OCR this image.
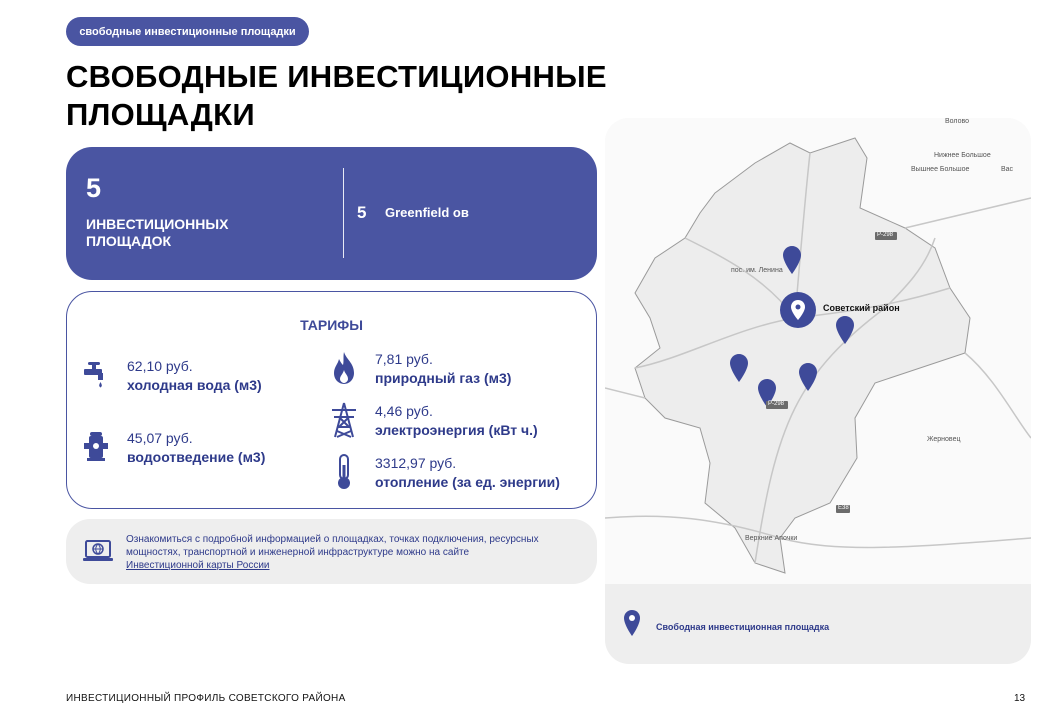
свободные инвестиционные площадки
СВОБОДНЫЕ ИНВЕСТИЦИОННЫЕ
ПЛОЩАДКИ
5
ИНВЕСТИЦИОННЫХ ПЛОЩАДОК
5 Greenfield ов
ТАРИФЫ
62,10 руб.
холодная вода (м3)
45,07 руб.
водоотведение (м3)
7,81 руб.
природный газ (м3)
4,46 руб.
электроэнергия (кВт ч.)
3312,97 руб.
отопление (за ед. энергии)
Ознакомиться с подробной информацией о площадках, точках подключения, ресурсных мощностях, транспортной и инженерной инфраструктуре можно на сайте Инвестиционной карты России
Советский район
Волово
Нижнее Большое
Вышнее Большое	Вас
пос. им. Ленина
Жерновец
Верхние Апочки
Р-298
Р-298
Е38
Свободная инвестиционная площадка
ИНВЕСТИЦИОННЫЙ ПРОФИЛЬ СОВЕТСКОГО РАЙОНА	13
